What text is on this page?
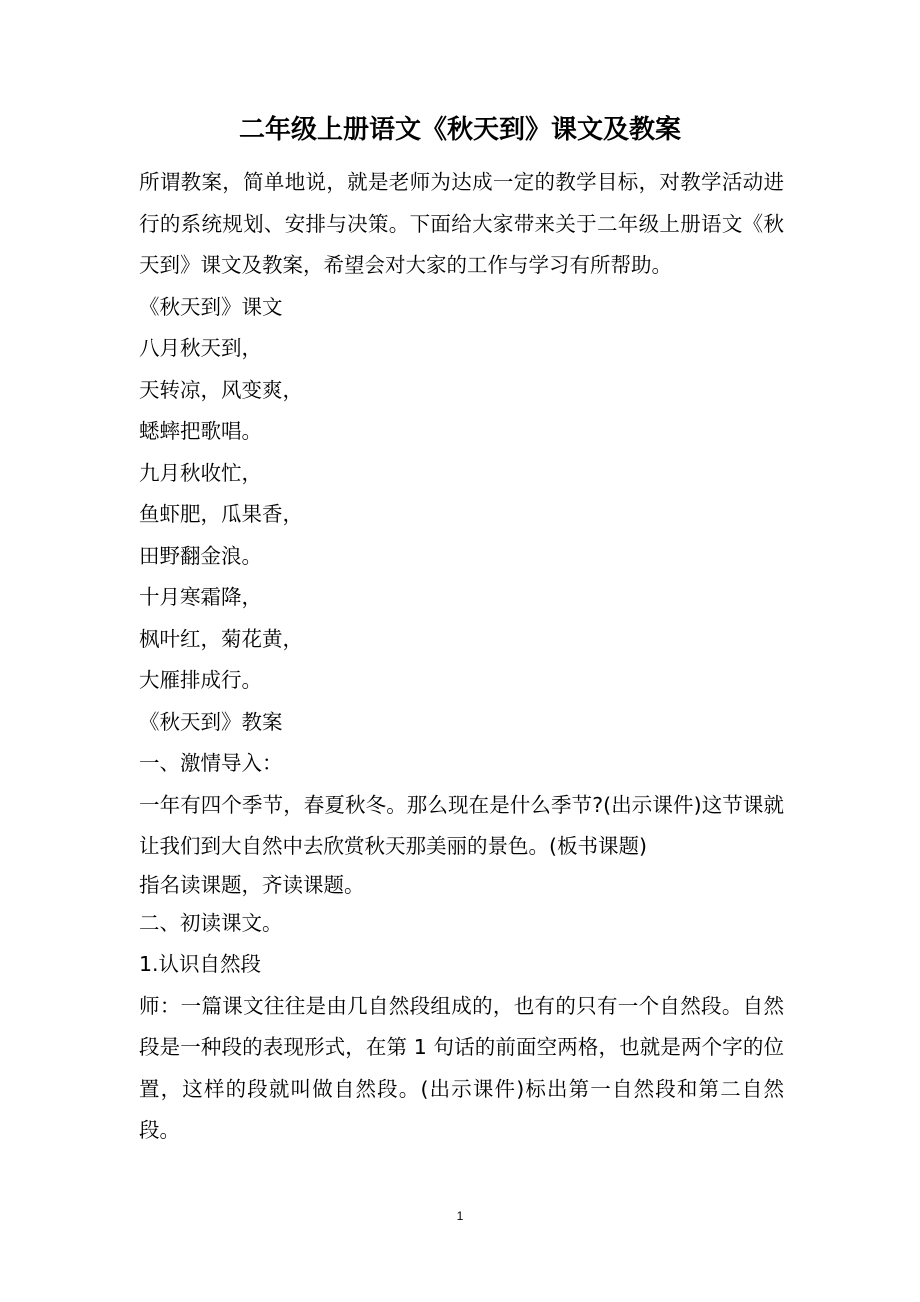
二年级上册语文《秋天到》课文及教案

所谓教案，简单地说，就是老师为达成一定的教学目标，对教学活动进行的系统规划、安排与决策。下面给大家带来关于二年级上册语文《秋天到》课文及教案，希望会对大家的工作与学习有所帮助。

《秋天到》课文

八月秋天到，

天转凉，风变爽，

蟋蟀把歌唱。

九月秋收忙，

鱼虾肥，瓜果香，

田野翻金浪。

十月寒霜降，

枫叶红，菊花黄，

大雁排成行。

《秋天到》教案

一、激情导入：

一年有四个季节，春夏秋冬。那么现在是什么季节?(出示课件)这节课就让我们到大自然中去欣赏秋天那美丽的景色。(板书课题)

指名读课题，齐读课题。

二、初读课文。

1.认识自然段

师：一篇课文往往是由几自然段组成的，也有的只有一个自然段。自然段是一种段的表现形式，在第 1 句话的前面空两格，也就是两个字的位置，这样的段就叫做自然段。(出示课件)标出第一自然段和第二自然段。

1
